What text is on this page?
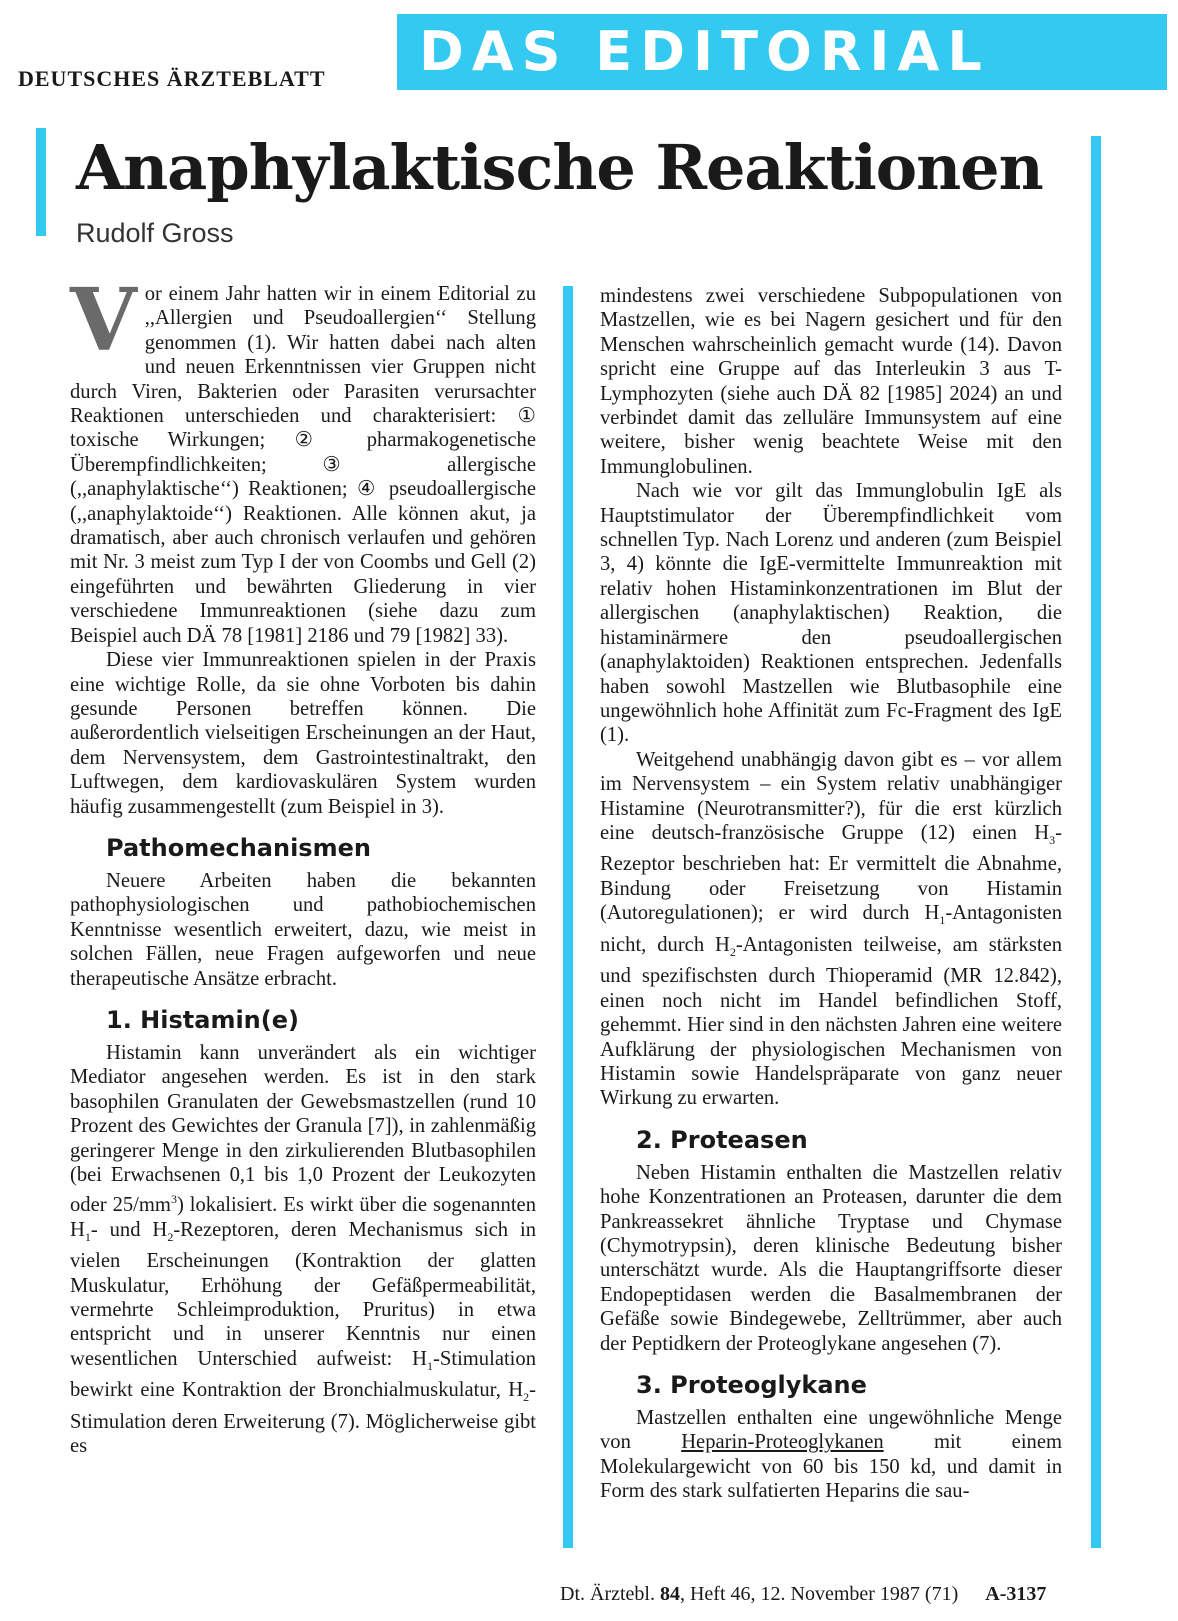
DEUTSCHES ÄRZTEBLATT DAS EDITORIAL
Anaphylaktische Reaktionen
Rudolf Gross

Vor einem Jahr hatten wir in einem Editorial zu ,,Allergien und Pseudoallergien‘‘ Stellung genommen (1). Wir hatten dabei nach alten und neuen Erkenntnissen vier Gruppen nicht durch Viren, Bakterien oder Parasiten verursachter Reaktionen unterschieden und charakterisiert: ① toxische Wirkungen; ② pharmakogenetische Überempfindlichkeiten; ③ allergische (,,anaphylaktische‘‘) Reaktionen; ④ pseudoallergische (,,anaphylaktoide‘‘) Reaktionen. Alle können akut, ja dramatisch, aber auch chronisch verlaufen und gehören mit Nr. 3 meist zum Typ I der von Coombs und Gell (2) eingeführten und bewährten Gliederung in vier verschiedene Immunreaktionen (siehe dazu zum Beispiel auch DÄ 78 [1981] 2186 und 79 [1982] 33).

Diese vier Immunreaktionen spielen in der Praxis eine wichtige Rolle, da sie ohne Vorboten bis dahin gesunde Personen betreffen können. Die außerordentlich vielseitigen Erscheinungen an der Haut, dem Nervensystem, dem Gastrointestinaltrakt, den Luftwegen, dem kardiovaskulären System wurden häufig zusammengestellt (zum Beispiel in 3).

Pathomechanismen

Neuere Arbeiten haben die bekannten pathophysiologischen und pathobiochemischen Kenntnisse wesentlich erweitert, dazu, wie meist in solchen Fällen, neue Fragen aufgeworfen und neue therapeutische Ansätze erbracht.

1. Histamin(e)

Histamin kann unverändert als ein wichtiger Mediator angesehen werden. Es ist in den stark basophilen Granulaten der Gewebsmastzellen (rund 10 Prozent des Gewichtes der Granula [7]), in zahlenmäßig geringerer Menge in den zirkulierenden Blutbasophilen (bei Erwachsenen 0,1 bis 1,0 Prozent der Leukozyten oder $25/mm^3$) lokalisiert. Es wirkt über die sogenannten $H_1-$ und $H_2$-Rezeptoren, deren Mechanismus sich in vielen Erscheinungen (Kontraktion der glatten Muskulatur, Erhöhung der Gefäßpermeabilität, vermehrte Schleimproduktion, Pruritus) in etwa entspricht und in unserer Kenntnis nur einen wesentlichen Unterschied aufweist: $H_1$-Stimulation bewirkt eine Kontraktion der Bronchialmuskulatur, $H_2$-Stimulation deren Erweiterung (7). Möglicherweise gibt es

mindestens zwei verschiedene Subpopulationen von Mastzellen, wie es bei Nagern gesichert und für den Menschen wahrscheinlich gemacht wurde (14). Davon spricht eine Gruppe auf das Interleukin 3 aus T-Lymphozyten (siehe auch DÄ 82 [1985] 2024) an und verbindet damit das zelluläre Immunsystem auf eine weitere, bisher wenig beachtete Weise mit den Immunglobulinen.

Nach wie vor gilt das Immunglobulin IgE als Hauptstimulator der Überempfindlichkeit vom schnellen Typ. Nach Lorenz und anderen (zum Beispiel 3, 4) könnte die IgE-vermittelte Immunreaktion mit relativ hohen Histaminkonzentrationen im Blut der allergischen (anaphylaktischen) Reaktion, die histaminärmere den pseudoallergischen (anaphylaktoiden) Reaktionen entsprechen. Jedenfalls haben sowohl Mastzellen wie Blutbasophile eine ungewöhnlich hohe Affinität zum Fc-Fragment des IgE (1).

Weitgehend unabhängig davon gibt es – vor allem im Nervensystem – ein System relativ unabhängiger Histamine (Neurotransmitter?), für die erst kürzlich eine deutsch-französische Gruppe (12) einen $H_3$-Rezeptor beschrieben hat: Er vermittelt die Abnahme, Bindung oder Freisetzung von Histamin (Autoregulationen); er wird durch $H_1$-Antagonisten nicht, durch $H_2$-Antagonisten teilweise, am stärksten und spezifischsten durch Thioperamid (MR 12.842), einen noch nicht im Handel befindlichen Stoff, gehemmt. Hier sind in den nächsten Jahren eine weitere Aufklärung der physiologischen Mechanismen von Histamin sowie Handelspräparate von ganz neuer Wirkung zu erwarten.

2. Proteasen

Neben Histamin enthalten die Mastzellen relativ hohe Konzentrationen an Proteasen, darunter die dem Pankreassekret ähnliche Tryptase und Chymase (Chymotrypsin), deren klinische Bedeutung bisher unterschätzt wurde. Als die Hauptangriffsorte dieser Endopeptidasen werden die Basalmembranen der Gefäße sowie Bindegewebe, Zelltrümmer, aber auch der Peptidkern der Proteoglykane angesehen (7).

3. Proteoglykane

Mastzellen enthalten eine ungewöhnliche Menge von Heparin-Proteoglykanen mit einem Molekulargewicht von 60 bis 150 kd, und damit in Form des stark sulfatierten Heparins die sau-

Dt. Ärztebl. 84, Heft 46, 12. November 1987 (71) A-3137
